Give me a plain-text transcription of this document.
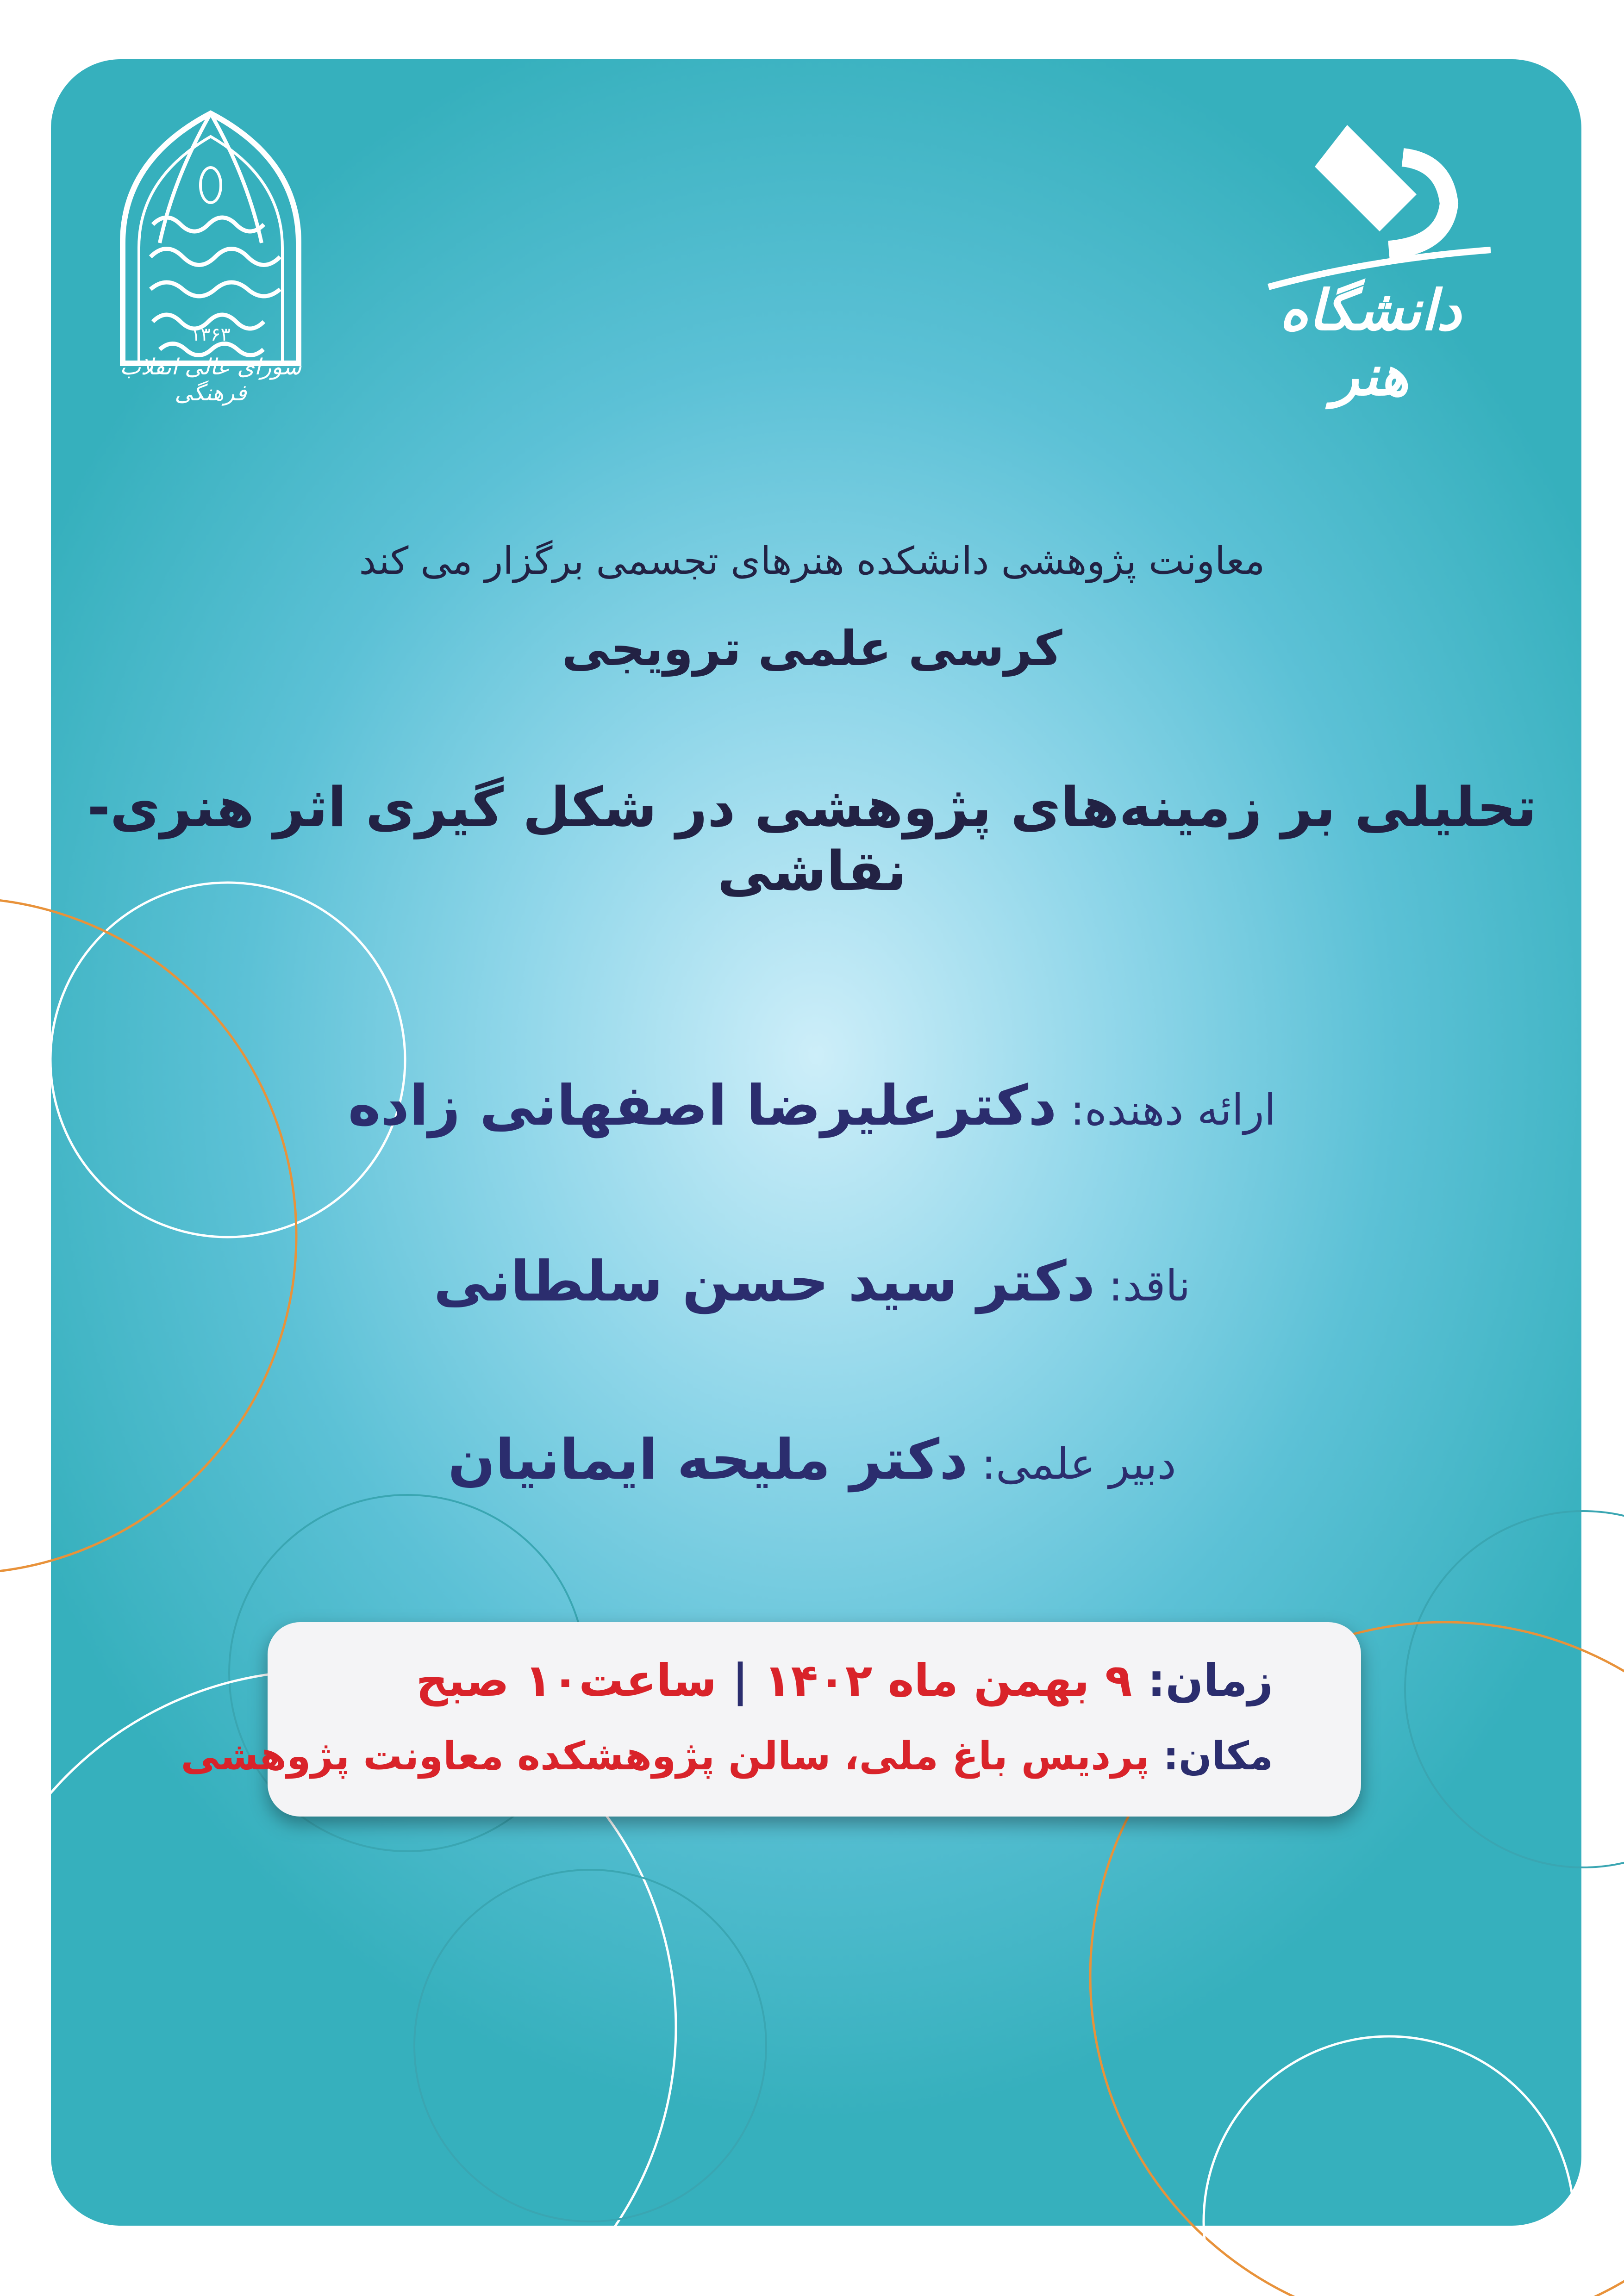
۱۳۶۳
شورای عالی انقلاب فرهنگی
دانشگاه هنر
معاونت پژوهشی دانشکده هنرهای تجسمی برگزار می کند
کرسی علمی ترویجی
تحلیلی بر زمینه‌های پژوهشی در شکل گیری اثر هنری- نقاشی
ارائه دهنده: دکترعلیرضا اصفهانی زاده
ناقد: دکتر سید حسن سلطانی
دبیر علمی: دکتر ملیحه ایمانیان
زمان: ۹ بهمن ماه ۱۴۰۲ | ساعت۱۰ صبح
مکان: پردیس باغ ملی، سالن پژوهشکده معاونت پژوهشی
